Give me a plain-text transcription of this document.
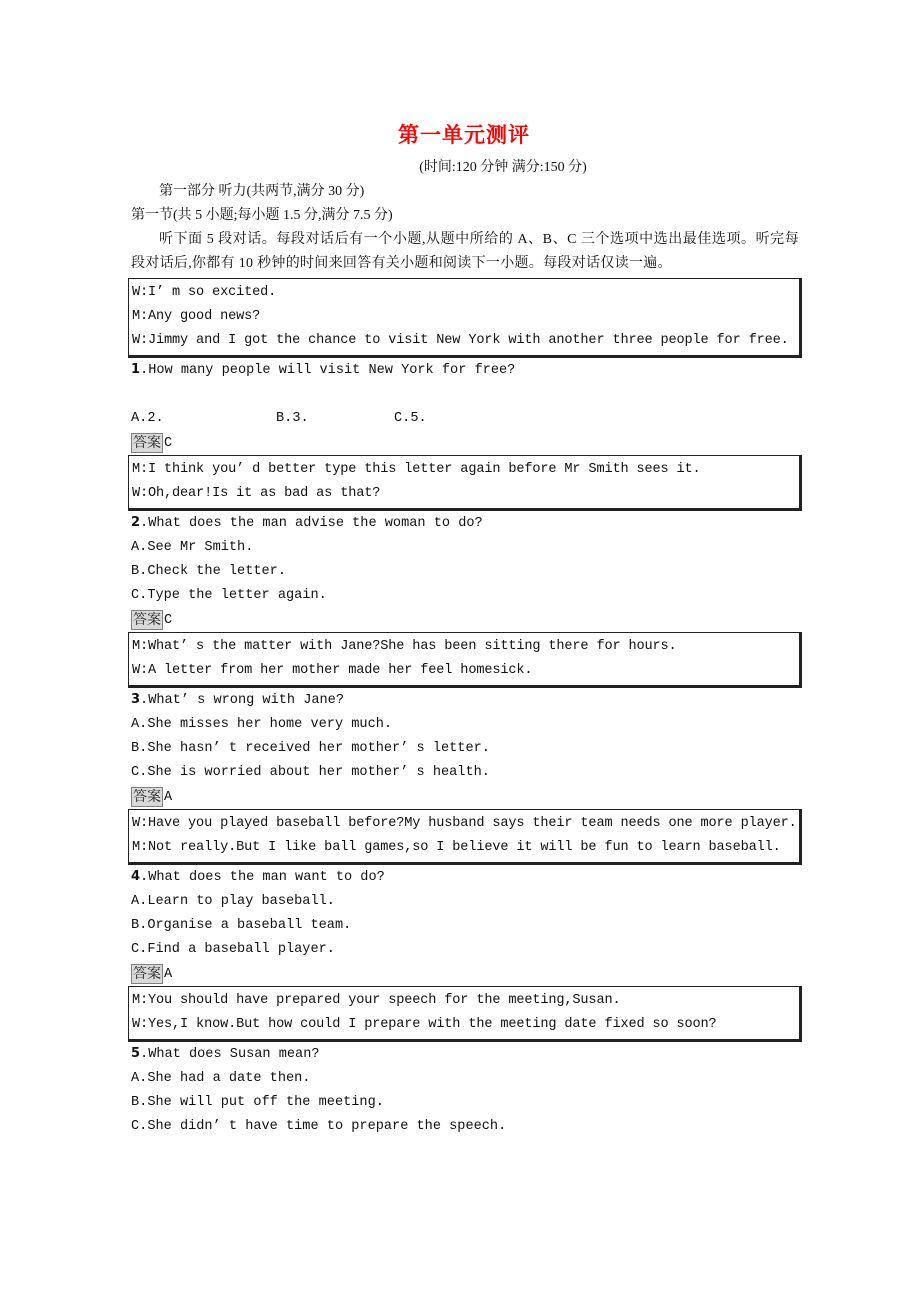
第一单元测评
(时间:120 分钟 满分:150 分)
第一部分 听力(共两节,满分 30 分)
第一节(共 5 小题;每小题 1.5 分,满分 7.5 分)
听下面 5 段对话。每段对话后有一个小题,从题中所给的 A、B、C 三个选项中选出最佳选项。听完每段对话后,你都有 10 秒钟的时间来回答有关小题和阅读下一小题。每段对话仅读一遍。
W:I’ m so excited.
M:Any good news?
W:Jimmy and I got the chance to visit New York with another three people for free.
1.How many people will visit New York for free?
A.2.	B.3.	C.5.
答案 C
M:I think you’ d better type this letter again before Mr Smith sees it.
W:Oh,dear!Is it as bad as that?
2.What does the man advise the woman to do?
A.See Mr Smith.
B.Check the letter.
C.Type the letter again.
答案 C
M:What’ s the matter with Jane?She has been sitting there for hours.
W:A letter from her mother made her feel homesick.
3.What’ s wrong with Jane?
A.She misses her home very much.
B.She hasn’ t received her mother’ s letter.
C.She is worried about her mother’ s health.
答案 A
W:Have you played baseball before?My husband says their team needs one more player.
M:Not really.But I like ball games,so I believe it will be fun to learn baseball.
4.What does the man want to do?
A.Learn to play baseball.
B.Organise a baseball team.
C.Find a baseball player.
答案 A
M:You should have prepared your speech for the meeting,Susan.
W:Yes,I know.But how could I prepare with the meeting date fixed so soon?
5.What does Susan mean?
A.She had a date then.
B.She will put off the meeting.
C.She didn’ t have time to prepare the speech.
